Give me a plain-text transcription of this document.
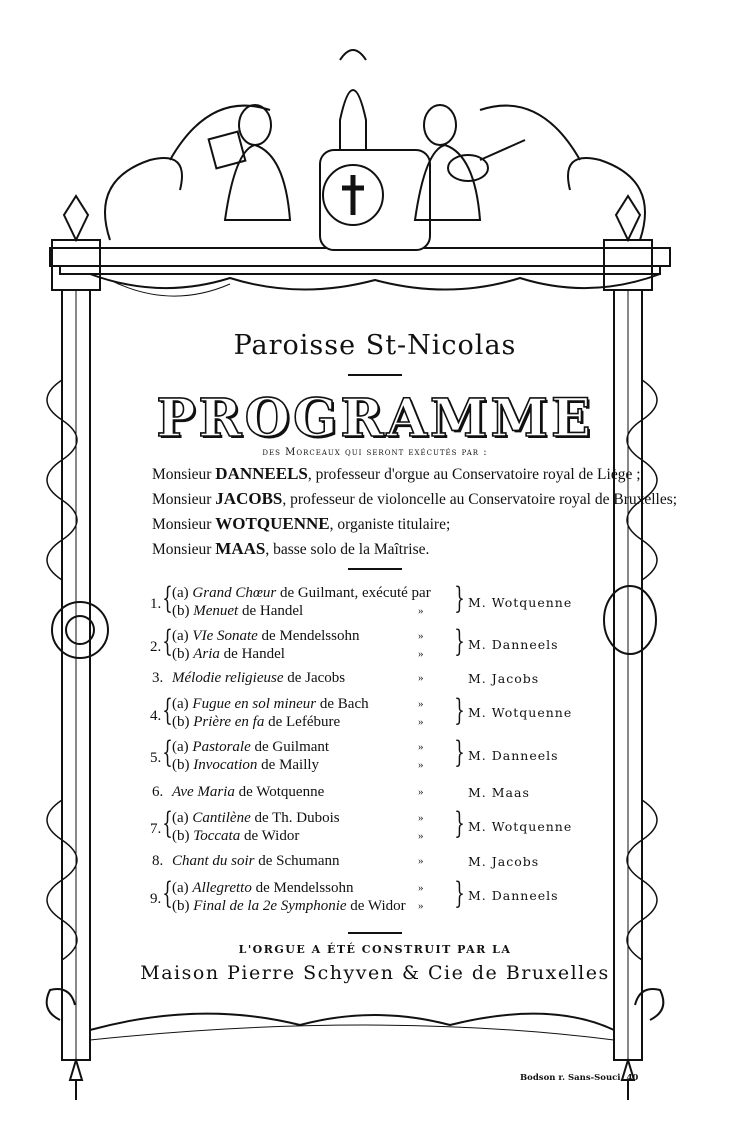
Paroisse St-Nicolas
PROGRAMME
des Morceaux qui seront exécutés par :
Monsieur DANNEELS, professeur d'orgue au Conservatoire royal de Liège ;
Monsieur JACOBS, professeur de violoncelle au Conservatoire royal de Bruxelles;
Monsieur WOTQUENNE, organiste titulaire;
Monsieur MAAS, basse solo de la Maîtrise.
1. { (a) Grand Chœur de Guilmant, exécuté par
(b) Menuet de Handel	» } M. Wotquenne
2. { (a) VIe Sonate de Mendelssohn	»
(b) Aria de Handel	» } M. Danneels
3. Mélodie religieuse de Jacobs	»	M. Jacobs
4. { (a) Fugue en sol mineur de Bach	»
(b) Prière en fa de Lefébure	» } M. Wotquenne
5. { (a) Pastorale de Guilmant	»
(b) Invocation de Mailly	» } M. Danneels
6. Ave Maria de Wotquenne	»	M. Maas
7. { (a) Cantilène de Th. Dubois	»
(b) Toccata de Widor	» } M. Wotquenne
8. Chant du soir de Schumann	»	M. Jacobs
9. { (a) Allegretto de Mendelssohn	»
(b) Final de la 2e Symphonie de Widor » } M. Danneels
L'ORGUE A ÉTÉ CONSTRUIT PAR LA
Maison Pierre Schyven & Cie de Bruxelles
Bodson r. Sans-Souci, 40
